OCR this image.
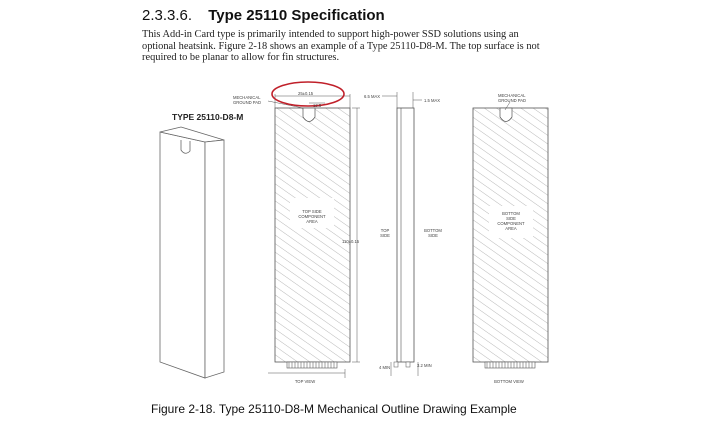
2.3.3.6. Type 25110 Specification
This Add-in Card type is primarily intended to support high-power SSD solutions using an optional heatsink. Figure 2-18 shows an example of a Type 25110-D8-M. The top surface is not required to be planar to allow for fin structures.
TYPE 25110-D8-M
MECHANICAL
GROUND PAD
25±0.15
12.5
110±0.15
6.5 MAX
1.5 MAX
TOP SIDE
COMPONENT
AREA
TOP
SIDE
BOTTOM
SIDE
BOTTOM
SIDE
COMPONENT
AREA
MECHANICAL
GROUND PAD
4 MIN	3.2 MIN
TOP VIEW	BOTTOM VIEW
Figure 2-18. Type 25110-D8-M Mechanical Outline Drawing Example
